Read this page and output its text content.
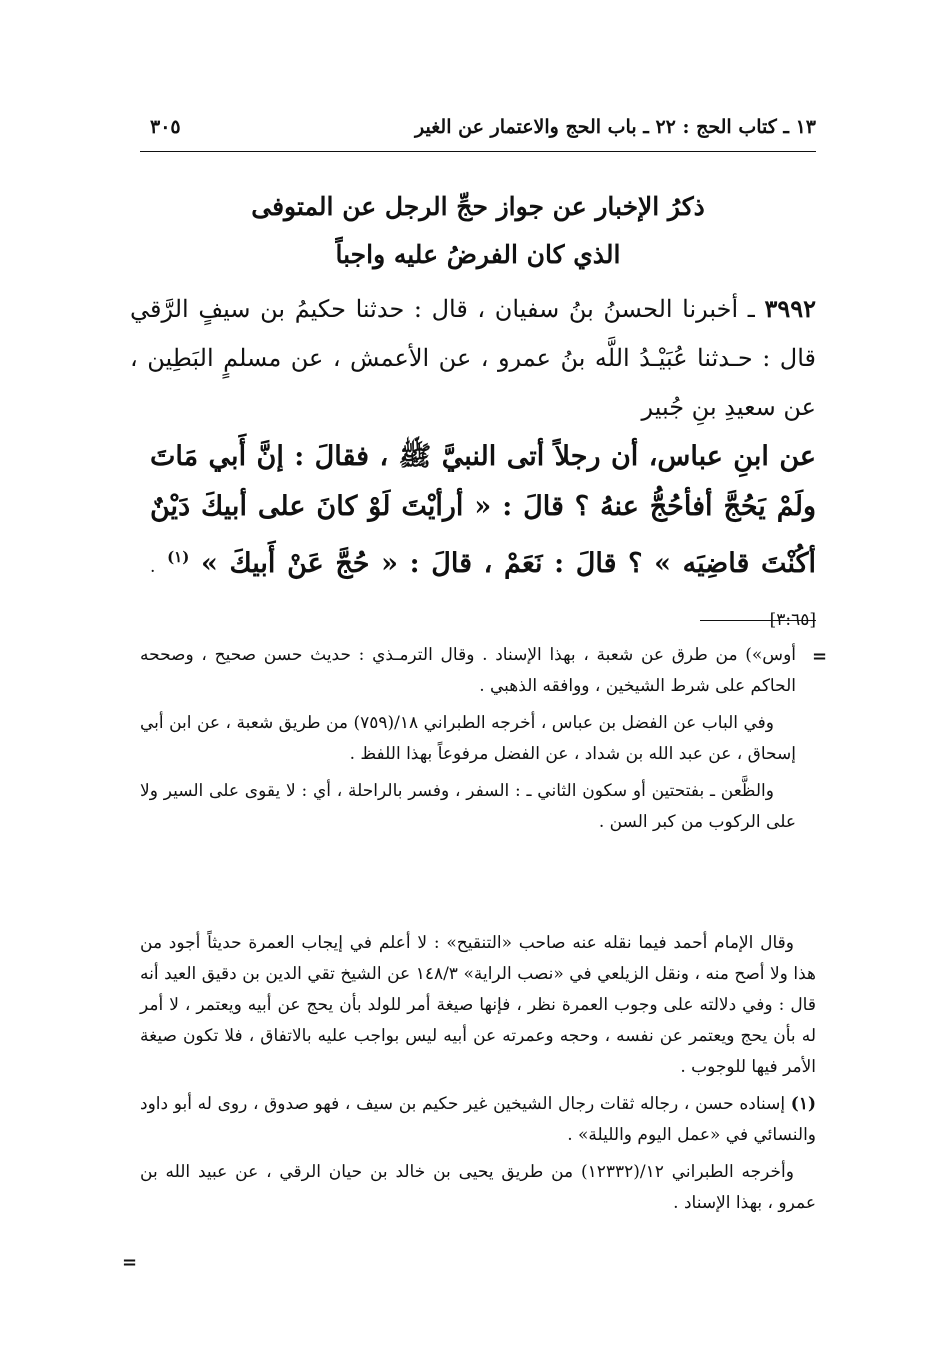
١٣ ـ كتاب الحج : ٢٢ ـ باب الحج والاعتمار عن الغير
٣٠٥
ذكرُ الإخبار عن جواز حجِّ الرجل عن المتوفى
الذي كان الفرضُ عليه واجباً
٣٩٩٢ ـ أخبرنا الحسنُ بنُ سفيان ، قال : حدثنا حكيمُ بن سيفٍ الرَّقي قال : حـدثنا عُبَيْـدُ اللَّه بنُ عمرو ، عن الأعمش ، عن مسلمٍ البَطِين ، عن سعيدِ بنِ جُبير
عن ابنِ عباس، أن رجلاً أتى النبيَّ ﷺ ، فقالَ : إنَّ أَبي مَاتَ ولَمْ يَحُجَّ أفأحُجُّ عنهُ ؟ قالَ : « أرأيْتَ لَوْ كانَ على أبيكَ دَيْنٌ أكُنْتَ قاضِيَه » ؟ قالَ : نَعَمْ ، قالَ : « حُجَّ عَنْ أَبيكَ » $^{(١)}$ .[٣:٦٥]
=

أوس») من طرق عن شعبة ، بهذا الإسناد . وقال الترمـذي : حديث حسن صحيح ، وصححه الحاكم على شرط الشيخين ، ووافقه الذهبي .

وفي الباب عن الفضل بن عباس ، أخرجه الطبراني ١٨/(٧٥٩) من طريق شعبة ، عن ابن أبي إسحاق ، عن عبد الله بن شداد ، عن الفضل مرفوعاً بهذا اللفظ .

والظَّعن ـ بفتحتين أو سكون الثاني ـ : السفر ، وفسر بالراحلة ، أي : لا يقوى على السير ولا على الركوب من كبر السن .

وقال الإمام أحمد فيما نقله عنه صاحب «التنقيح» : لا أعلم في إيجاب العمرة حديثاً أجود من هذا ولا أصح منه ، ونقل الزيلعي في «نصب الراية» ١٤٨/٣ عن الشيخ تقي الدين بن دقيق العيد أنه قال : وفي دلالته على وجوب العمرة نظر ، فإنها صيغة أمر للولد بأن يحج عن أبيه ويعتمر ، لا أمر له بأن يحج ويعتمر عن نفسه ، وحجه وعمرته عن أبيه ليس بواجب عليه بالاتفاق ، فلا تكون صيغة الأمر فيها للوجوب .

(١) إسناده حسن ، رجاله ثقات رجال الشيخين غير حكيم بن سيف ، فهو صدوق ، روى له أبو داود والنسائي في «عمل اليوم والليلة» .

وأخرجه الطبراني ١٢/(١٢٣٣٢) من طريق يحيى بن خالد بن حيان الرقي ، عن عبيد الله بن عمرو ، بهذا الإسناد .

=
